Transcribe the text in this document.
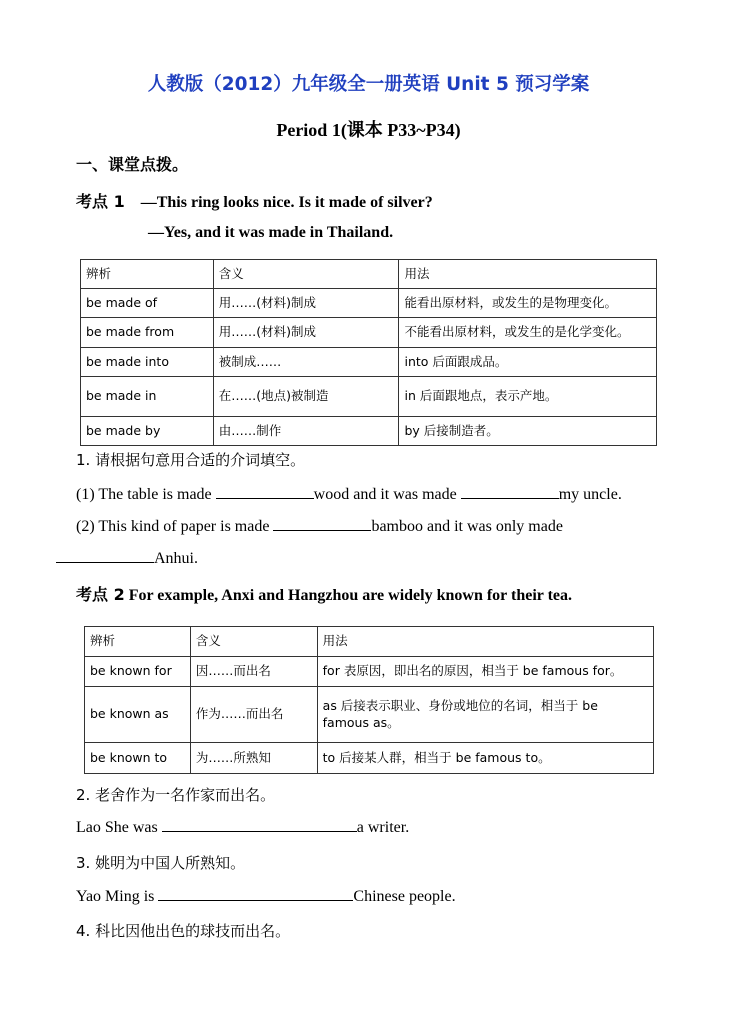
人教版（2012）九年级全一册英语 Unit 5 预习学案
Period 1(课本 P33~P34)
一、课堂点拨。
考点 1 —This ring looks nice. Is it made of silver?
—Yes, and it was made in Thailand.
辨析	含义	用法
be made of	用……(材料)制成	能看出原材料，或发生的是物理变化。
be made from	用……(材料)制成	不能看出原材料，或发生的是化学变化。
be made into	被制成……	into 后面跟成品。
be made in	在……(地点)被制造	in 后面跟地点，表示产地。
be made by	由……制作	by 后接制造者。
1. 请根据句意用合适的介词填空。
(1) The table is made	wood and it was made	my uncle.
(2) This kind of paper is made	bamboo and it was only made
Anhui.
考点 2 For example, Anxi and Hangzhou are widely known for their tea.
辨析	含义	用法
be known for	因……而出名	for 表原因，即出名的原因，相当于 be famous for。
be known as	作为……而出名	as 后接表示职业、身份或地位的名词，相当于 be famous as。
be known to	为……所熟知	to 后接某人群，相当于 be famous to。
2. 老舍作为一名作家而出名。
Lao She was	a writer.
3. 姚明为中国人所熟知。
Yao Ming is	Chinese people.
4. 科比因他出色的球技而出名。
